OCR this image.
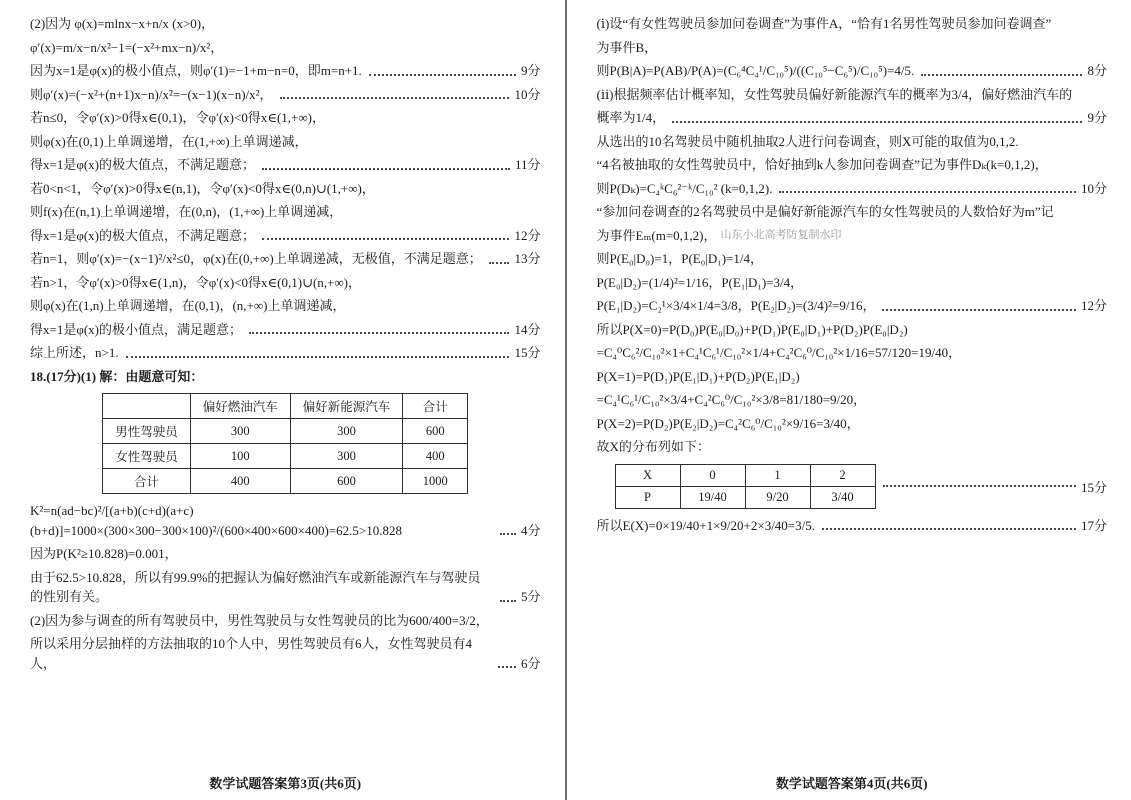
(2)因为 φ(x)=mlnx−x+n/x (x>0)，
φ′(x)=m/x−n/x²−1=(−x²+mx−n)/x²，
因为x=1是φ(x)的极小值点，则φ′(1)=−1+m−n=0，即m=n+1.	9分
则φ′(x)=(−x²+(n+1)x−n)/x²=−(x−1)(x−n)/x²，	10分
若n≤0，令φ′(x)>0得x∈(0,1)，令φ′(x)<0得x∈(1,+∞)，
则φ(x)在(0,1)上单调递增，在(1,+∞)上单调递减，
得x=1是φ(x)的极大值点，不满足题意；	11分
若0<n<1，令φ′(x)>0得x∈(n,1)，令φ′(x)<0得x∈(0,n)∪(1,+∞)，
则f(x)在(n,1)上单调递增，在(0,n)，(1,+∞)上单调递减，
得x=1是φ(x)的极大值点，不满足题意；	12分
若n=1，则φ′(x)=−(x−1)²/x²≤0，φ(x)在(0,+∞)上单调递减，无极值，不满足题意；	13分
若n>1，令φ′(x)>0得x∈(1,n)，令φ′(x)<0得x∈(0,1)∪(n,+∞)，
则φ(x)在(1,n)上单调递增，在(0,1)，(n,+∞)上单调递减，
得x=1是φ(x)的极小值点，满足题意；	14分
综上所述，n>1.	15分
18.(17分)(1) 解：由题意可知：
	偏好燃油汽车	偏好新能源汽车	合计
男性驾驶员	300	300	600
女性驾驶员	100	300	400
合计	400	600	1000
K²=n(ad−bc)²/[(a+b)(c+d)(a+c)(b+d)]=1000×(300×300−300×100)²/(600×400×600×400)=62.5>10.828	4分
因为P(K²≥10.828)=0.001，
由于62.5>10.828，所以有99.9%的把握认为偏好燃油汽车或新能源汽车与驾驶员的性别有关。	5分
(2)因为参与调查的所有驾驶员中，男性驾驶员与女性驾驶员的比为600/400=3/2，
所以采用分层抽样的方法抽取的10个人中，男性驾驶员有6人，女性驾驶员有4人，	6分
数学试题答案第3页(共6页)
(ⅰ)设“有女性驾驶员参加问卷调查”为事件A，“恰有1名男性驾驶员参加问卷调查”
为事件B，
则P(B|A)=P(AB)/P(A)=(C₆⁴C₄¹/C₁₀⁵)/((C₁₀⁵−C₆⁵)/C₁₀⁵)=4/5.	8分
(ⅱ)根据频率估计概率知，女性驾驶员偏好新能源汽车的概率为3/4，偏好燃油汽车的
概率为1/4，	9分
从选出的10名驾驶员中随机抽取2人进行问卷调查，则X可能的取值为0,1,2.
“4名被抽取的女性驾驶员中，恰好抽到k人参加问卷调查”记为事件Dₖ(k=0,1,2)，
则P(Dₖ)=C₄ᵏC₆²⁻ᵏ/C₁₀² (k=0,1,2).	10分
“参加问卷调查的2名驾驶员中是偏好新能源汽车的女性驾驶员的人数恰好为m”记
为事件Eₘ(m=0,1,2)， 山东小北高考防复制水印
则P(E₀|D₀)=1，P(E₀|D₁)=1/4，
P(E₀|D₂)=(1/4)²=1/16，P(E₁|D₁)=3/4，
P(E₁|D₂)=C₂¹×3/4×1/4=3/8，P(E₂|D₂)=(3/4)²=9/16，	12分
所以P(X=0)=P(D₀)P(E₀|D₀)+P(D₁)P(E₀|D₁)+P(D₂)P(E₀|D₂)
=C₄⁰C₆²/C₁₀²×1+C₄¹C₆¹/C₁₀²×1/4+C₄²C₆⁰/C₁₀²×1/16=57/120=19/40，
P(X=1)=P(D₁)P(E₁|D₁)+P(D₂)P(E₁|D₂)
=C₄¹C₆¹/C₁₀²×3/4+C₄²C₆⁰/C₁₀²×3/8=81/180=9/20，
P(X=2)=P(D₂)P(E₂|D₂)=C₄²C₆⁰/C₁₀²×9/16=3/40，
故X的分布列如下：
X	0	1	2
P	19/40	9/20	3/40
15分
所以E(X)=0×19/40+1×9/20+2×3/40=3/5.	17分
数学试题答案第4页(共6页)
